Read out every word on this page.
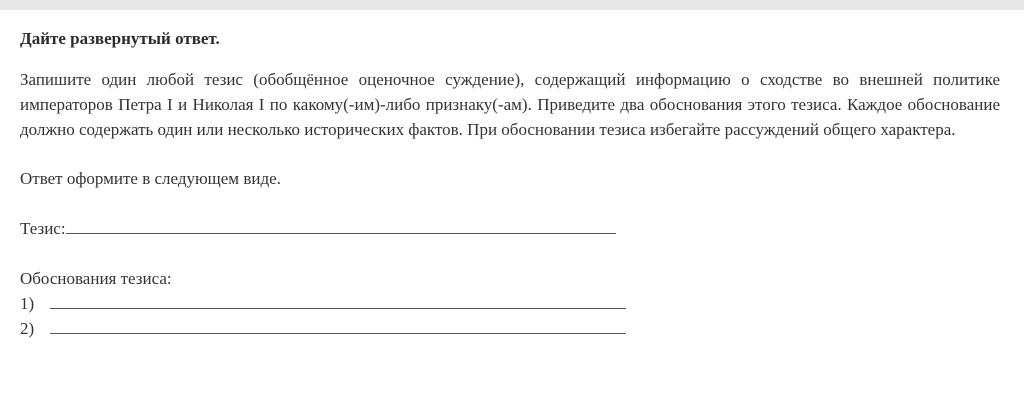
Дайте развернутый ответ.

Запишите один любой тезис (обобщённое оценочное суждение), содержащий информацию о сходстве во внешней политике императоров Петра I и Николая I по какому(-им)-либо признаку(-ам). Приведите два обоснования этого тезиса. Каждое обоснование должно содержать один или несколько исторических фактов. При обосновании тезиса избегайте рассуждений общего характера.

Ответ оформите в следующем виде.
Тезис:
Обоснования тезиса:
1)
2)
